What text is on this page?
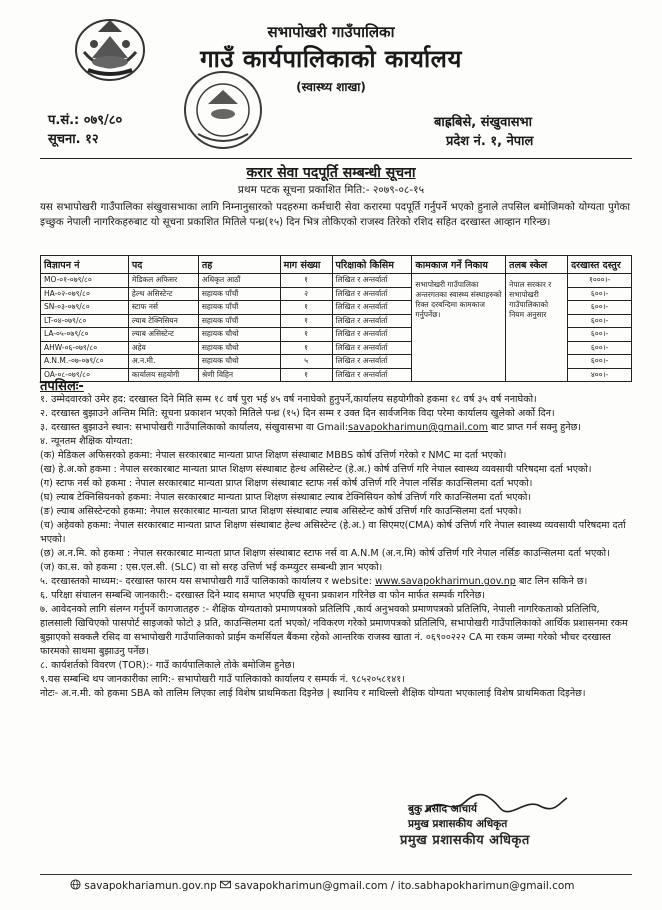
सभापोखरी गाउँपालिका
गाउँ कार्यपालिकाको कार्यालय
(स्वास्थ्य शाखा)
प.सं.: ०७९/८०
सूचना. १२
बाह्रबिसे, संखुवासभा
प्रदेश नं. १, नेपाल
करार सेवा पदपूर्ति सम्बन्धी सूचना
प्रथम पटक सूचना प्रकाशित मिति:- २०७९-०८-१५
यस सभापोखरी गाउँपालिका संखुवासभाका लागि निम्नानुसारको पदहरुमा कर्मचारी सेवा करारमा पदपूर्ति गर्नुपर्ने भएको हुनाले तपसिल बमोजिमको योग्यता पुगेका इच्छुक नेपाली नागरिकहरुबाट यो सूचना प्रकाशित मितिले पन्ध्र(१५) दिन भित्र तोकिएको राजस्व तिरेको रशिद सहित दरखास्त आव्हान गरिन्छ।
विज्ञापन नं	पद	तह	माग संख्या	परिक्षाको किसिम	कामकाज गर्ने निकाय	तलब स्केल	दरखास्त दस्तुर
MO-०१-०७९/८०	मेडिकल अफिसर	अधिकृत आठौं	१	लिखित र अन्तर्वार्ता	सभापोखरी गाउँपालिका अन्तरगतका स्वास्थ्य संस्थाहरुको रिक्त दरबन्दिमा कामकाज गर्नुपर्नेछ।	नेपाल सरकार र सभापोखरी गाउँपालिकाको नियम अनुसार	१०००।-
HA-०२-०७९/८०	हेल्थ असिस्टेन्ट	सहायक पाँचौं	२	लिखित र अन्तर्वार्ता			६००।-
SN-०३-०७९/८०	स्टाफ नर्स	सहायक पाँचौं	१	लिखित र अन्तर्वार्ता			६००।-
LT-०४-०७९/८०	ल्याब टेक्निसियन	सहायक पाँचौं	१	लिखित र अन्तर्वार्ता			६००।-
LA-०५-०७९/८०	ल्याब असिस्टेन्ट	सहायक चौथो	१	लिखित र अन्तर्वार्ता			६००।-
AHW-०६-०७९/८०	अहेव	सहायक चौथो	१	लिखित र अन्तर्वार्ता			६००।-
A.N.M.-०७-०७९/८०	अ.न.मी.	सहायक चौथो	५	लिखित र अन्तर्वार्ता			६००।-
OA-०८-०७९/८०	कार्यालय सहयोगी	श्रेणी विहिन	१	लिखित र अन्तर्वार्ता			४००।-
तपसिलः-

१. उम्मेदवारको उमेर हद: दरखास्त दिने मिति सम्म १८ वर्ष पुरा भई ४५ वर्ष ननाघेको हुनुपर्ने,कार्यालय सहयोगीको हकमा १८ वर्ष ३५ वर्ष ननाघेको।

२. दरखास्त बुझाउने अन्तिम मिति: सूचना प्रकाशन भएको मितिले पन्ध्र (१५) दिन सम्म र उक्त दिन सार्वजनिक विदा परेमा कार्यालय खुलेको अर्को दिन।

३. दरखास्त बुझाउने स्थान: सभापोखरी गाउँपालिकाको कार्यालय, संखुवासभा वा Gmail:savapokharimun@gmail.com बाट प्राप्त गर्न सक्नु हुनेछ।

४. न्यूनतम शैक्षिक योग्यता:

(क) मेडिकल अफिसरको हकमा: नेपाल सरकारबाट मान्यता प्राप्त शिक्षण संस्थाबाट MBBS कोर्ष उत्तिर्ण गरेको र NMC मा दर्ता भएको।

(ख) हे.अ.को हकमा : नेपाल सरकारबाट मान्यता प्राप्त शिक्षण संस्थाबाट हेल्थ असिस्टेन्ट (हे.अ.) कोर्ष उत्तिर्ण गरि नेपाल स्वास्थ्य व्यवसायी परिषदमा दर्ता भएको।

(ग) स्टाफ नर्स को हकमा : नेपाल सरकारबाट मान्यता प्राप्त शिक्षण संस्थाबाट स्टाफ नर्स कोर्ष उत्तिर्ण गरि नेपाल नर्सिङ काउन्सिलमा दर्ता भएको।

(घ) ल्याब टेक्निसियनको हकमा: नेपाल सरकारबाट मान्यता प्राप्त शिक्षण संस्थाबाट ल्याब टेक्निसियन कोर्ष उत्तिर्ण गरि काउन्सिलमा दर्ता भएको।

(ङ) ल्याब असिस्टेन्टको हकमा: नेपाल सरकारबाट मान्यता प्राप्त शिक्षण संस्थाबाट ल्याब असिस्टेन्ट कोर्ष उत्तिर्ण गरि काउन्सिलमा दर्ता भएको।

(च) अहेवको हकमा: नेपाल सरकारबाट मान्यता प्राप्त शिक्षण संस्थाबाट हेल्थ असिस्टेन्ट (हे.अ.) वा सिएमए(CMA) कोर्ष उत्तिर्ण गरि नेपाल स्वास्थ्य व्यवसायी परिषदमा दर्ता भएको।

(छ) अ.न.मि. को हकमा : नेपाल सरकारबाट मान्यता प्राप्त शिक्षण संस्थाबाट स्टाफ नर्स वा A.N.M (अ.न.मि) कोर्ष उत्तिर्ण गरि नेपाल नर्सिङ काउन्सिलमा दर्ता भएको।

(ज) का.स. को हकमा : एस.एल.सी. (SLC) वा सो सरह उत्तिर्ण भई कम्प्युटर सम्बन्धी ज्ञान भएको।

५. दरखास्तको माध्यम:- दरखास्त फारम यस सभापोखरी गाउँ पालिकाको कार्यालय र website: www.savapokharimun.gov.np बाट लिन सकिने छ।

६. परिक्षा संचालन सम्बन्धि जानकारी:- दरखास्त दिने म्याद समाप्त भएपछि सूचना प्रकाशन गरिनेछ वा फोन मार्फत सम्पर्क गरिनेछ।

७. आवेदनको लागि संलग्न गर्नुपर्ने कागजातहरु :- शैक्षिक योग्यताको प्रमाणपत्रको प्रतिलिपि ,कार्य अनुभवको प्रमाणपत्रको प्रतिलिपि, नेपाली नागरिकताको प्रतिलिपि, हालसाली खिचिएको पासपोर्ट साइजको फोटो ३ प्रति, काउन्सिलमा दर्ता भएको/ नविकरण गरेको प्रमाणपत्रको प्रतिलिपि, सभापोखरी गाउँपालिकाको आर्थिक प्रशासनमा रकम बुझाएको सक्कलै रसिद वा सभापोखरी गाउँपालिकाको प्राईम कमर्सियल बैंकमा रहेको आन्तरिक राजस्व खाता नं. ०६९००२२२ CA मा रकम जम्मा गरेको भौचर दरखास्त फारमको साथमा बुझाउनु पर्नेछ।

८. कार्यशर्तको विवरण (TOR):- गाउँ कार्यपालिकाले तोके बमोजिम हुनेछ।

९.यस सम्बन्धि थप जानकारीका लागि:- सभापोखरी गाउँ पालिकाको कार्यालय र सम्पर्क नं. ९८५२०५८१४१।

नोटः- अ.न.मी. को हकमा SBA को तालिम लिएका लाई विशेष प्राथमिकता दिइनेछ | स्थानिय र माथिल्लो शैक्षिक योग्यता भएकालाई विशेष प्राथमिकता दिइनेछ।

बुकु प्रसाद आचार्य
प्रमुख प्रशासकीय अधिकृत
प्रमुख प्रशासकीय अधिकृत
savapokhariamun.gov.np savapokharimun@gmail.com / ito.sabhapokharimun@gmail.com
